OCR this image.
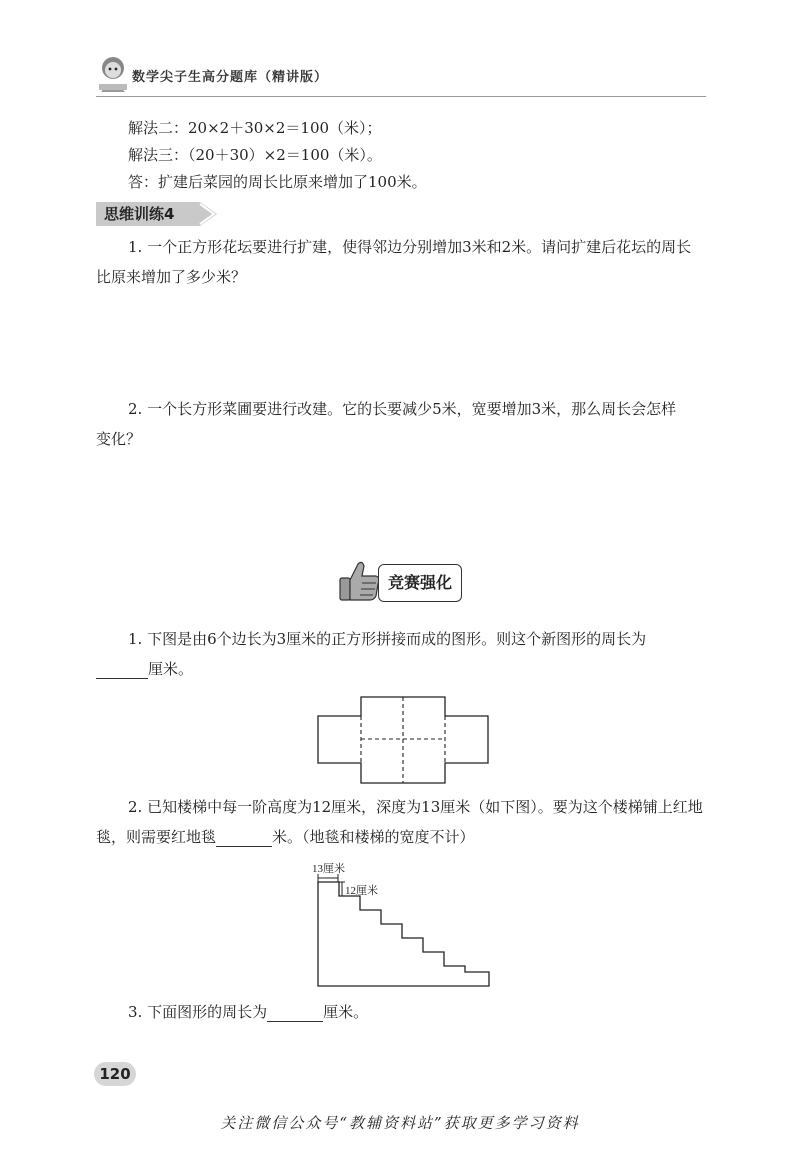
数学尖子生高分题库（精讲版）
解法二：20×2＋30×2＝100（米）；
解法三：（20＋30）×2＝100（米）。
答：扩建后菜园的周长比原来增加了100米。
思维训练4
1. 一个正方形花坛要进行扩建，使得邻边分别增加3米和2米。请问扩建后花坛的周长
比原来增加了多少米？
2. 一个长方形菜圃要进行改建。它的长要减少5米，宽要增加3米，那么周长会怎样
变化？
竞赛强化
1. 下图是由6个边长为3厘米的正方形拼接而成的图形。则这个新图形的周长为
厘米。
2. 已知楼梯中每一阶高度为12厘米，深度为13厘米（如下图）。要为这个楼梯铺上红地
毯，则需要红地毯	米。（地毯和楼梯的宽度不计）
13厘米
12厘米
3. 下面图形的周长为	厘米。
120
关注微信公众号“教辅资料站”获取更多学习资料
